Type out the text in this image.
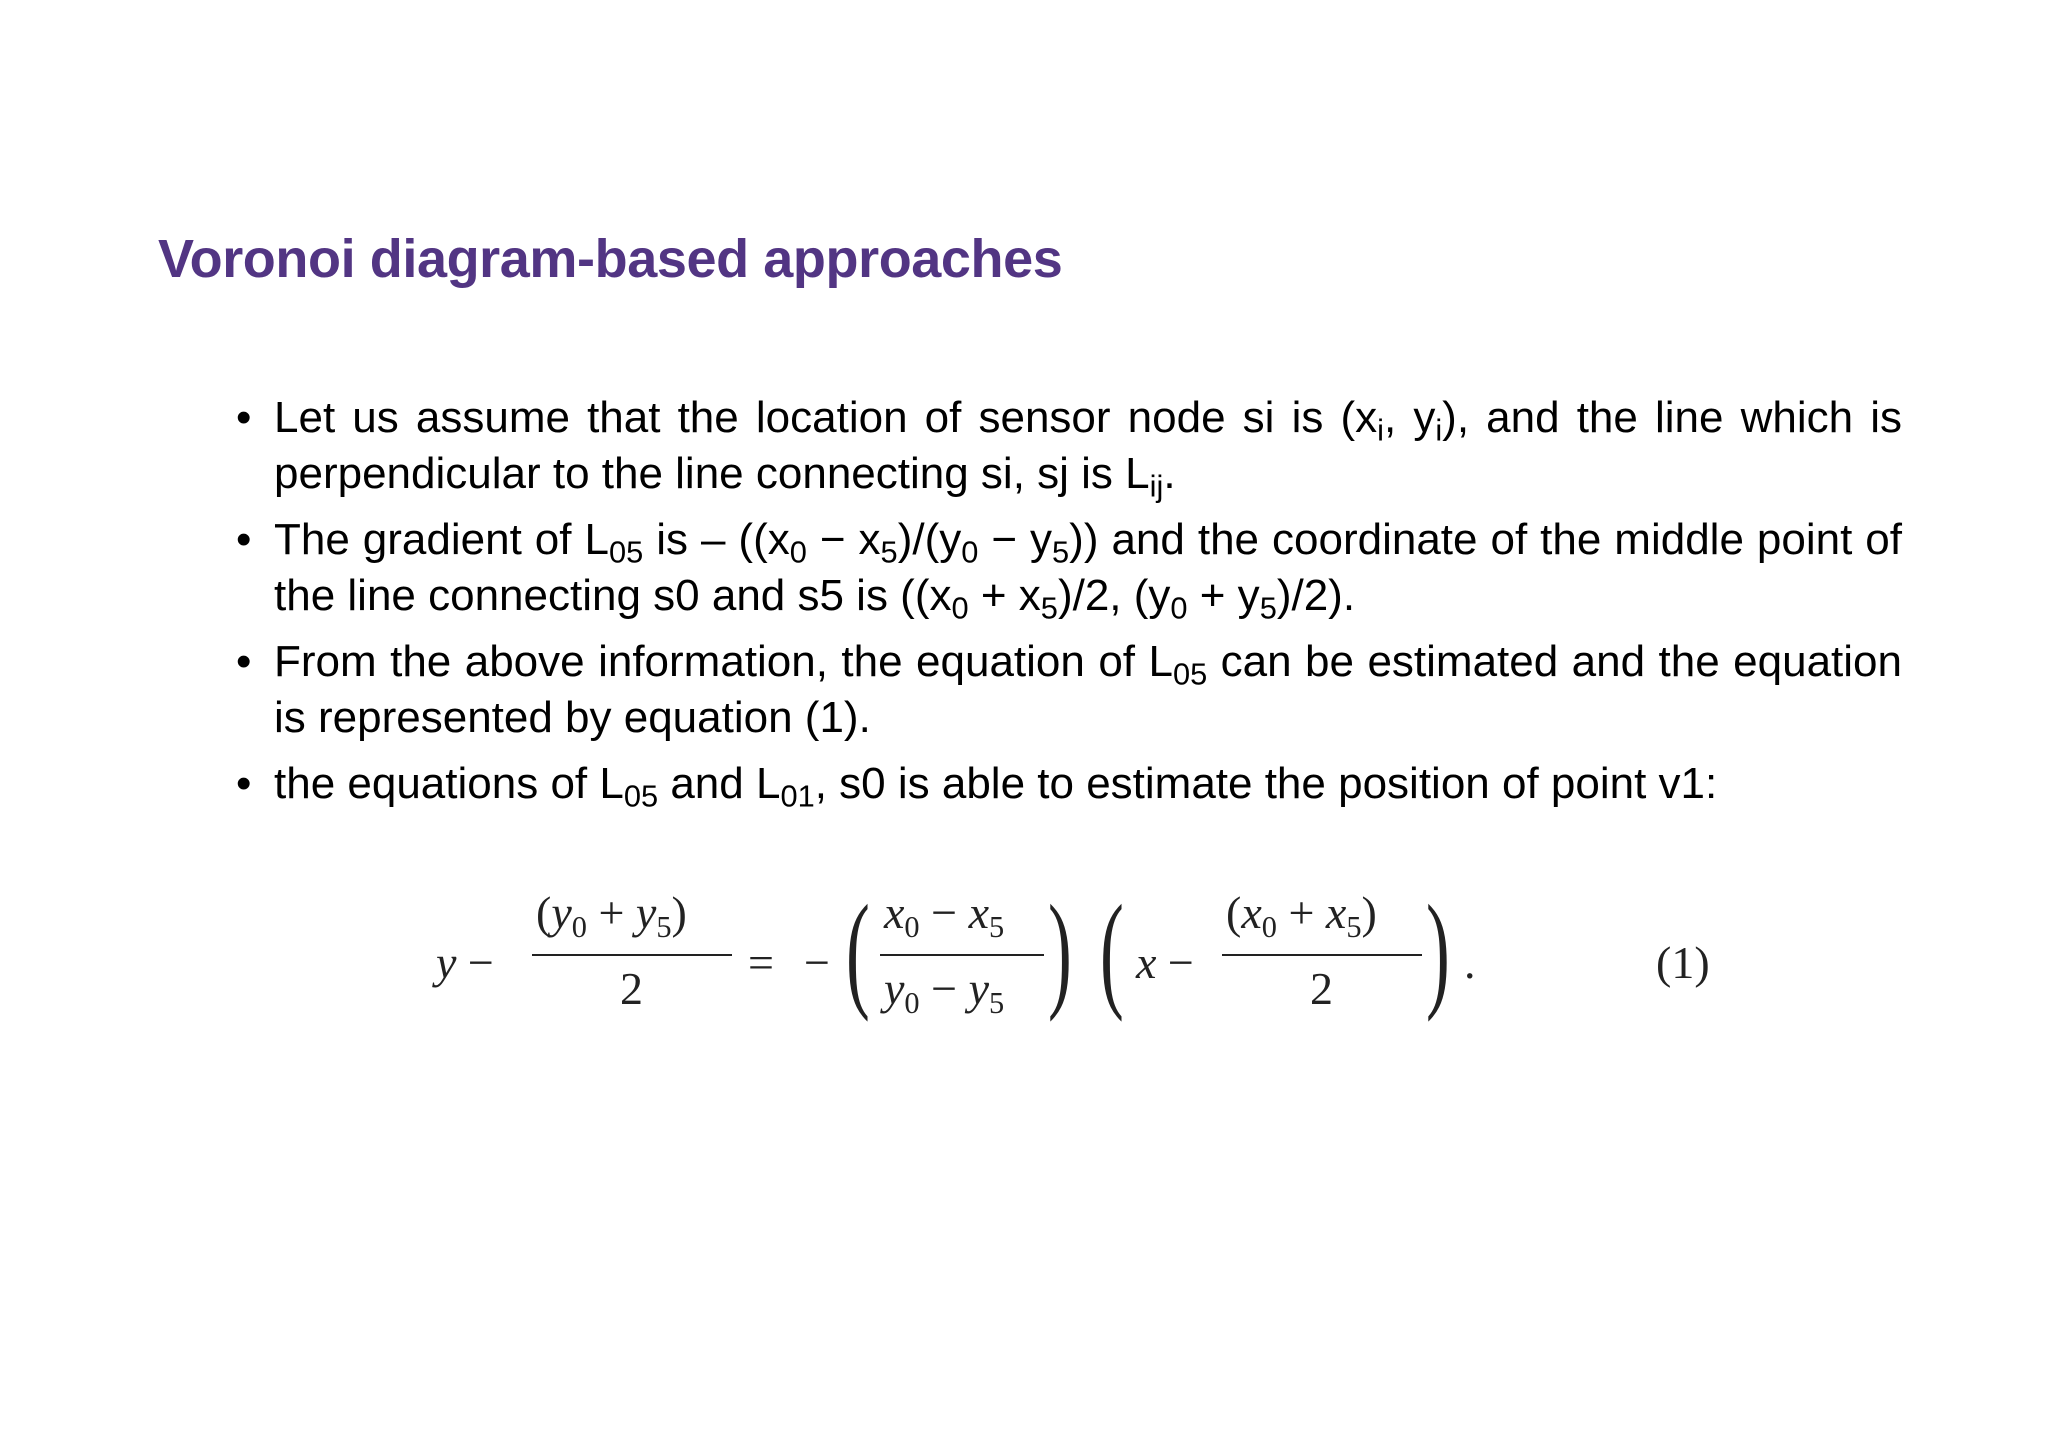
Voronoi diagram-based approaches
• Let us assume that the location of sensor node si is ($x_i$, $y_i$), and the line which is perpendicular to the line connecting si, sj is $L_{ij}$.
• The gradient of $L_{05}$ is – $((x_0 - x_5)/(y_0 - y_5))$ and the coordinate of the middle point of the line connecting s0 and s5 is ($(x_0 + x_5)/2$, $(y_0 + y_5)/2$).
• From the above information, the equation of $L_{05}$ can be estimated and the equation is represented by equation (1).
• the equations of $L_{05}$ and $L_{01}$, s0 is able to estimate the position of point v1:
y −
$(y_0 + y_5)$
2
= − ( $x_0 - x_5$
$y_0 - y_5$ ) ( x −
$(x_0 + x_5)$
2 ) .	(1)
